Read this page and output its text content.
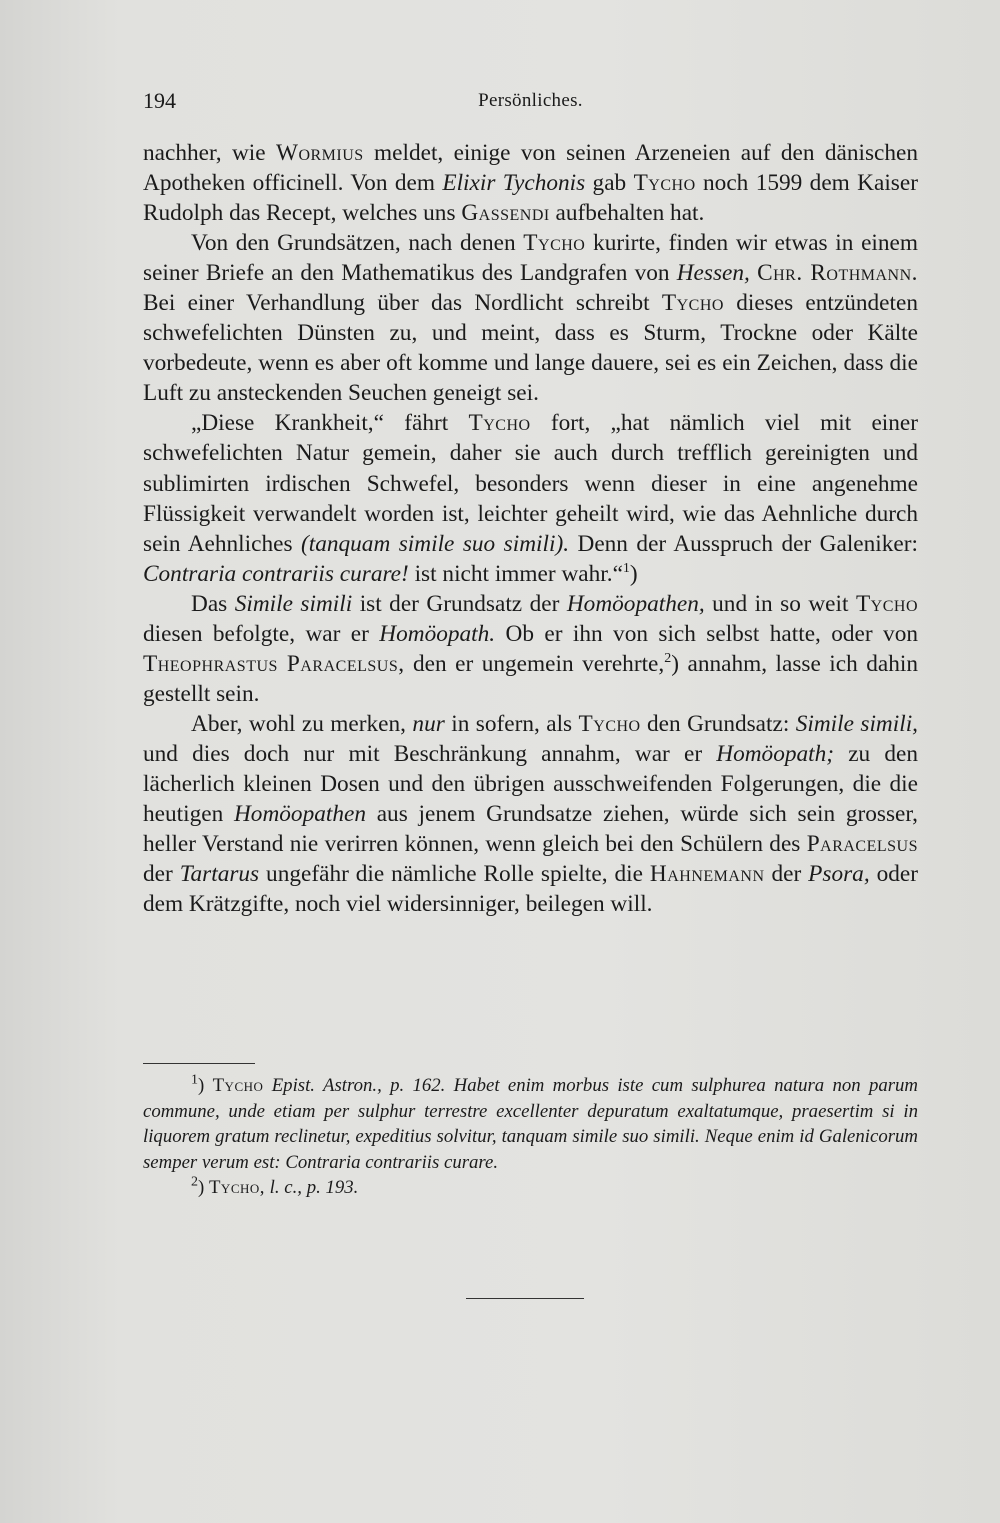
194	Persönliches.

nachher, wie Wormius meldet, einige von seinen Arzeneien auf den dänischen Apotheken officinell. Von dem Elixir Tychonis gab Tycho noch 1599 dem Kaiser Rudolph das Recept, welches uns Gassendi aufbehalten hat.

Von den Grundsätzen, nach denen Tycho kurirte, finden wir etwas in einem seiner Briefe an den Mathematikus des Landgrafen von Hessen, Chr. Rothmann. Bei einer Verhandlung über das Nordlicht schreibt Tycho dieses entzündeten schwefelichten Dünsten zu, und meint, dass es Sturm, Trockne oder Kälte vorbedeute, wenn es aber oft komme und lange dauere, sei es ein Zeichen, dass die Luft zu ansteckenden Seuchen geneigt sei.

„Diese Krankheit,“ fährt Tycho fort, „hat nämlich viel mit einer schwefelichten Natur gemein, daher sie auch durch trefflich gereinigten und sublimirten irdischen Schwefel, besonders wenn dieser in eine angenehme Flüssigkeit verwandelt worden ist, leichter geheilt wird, wie das Aehnliche durch sein Aehnliches (tanquam simile suo simili). Denn der Ausspruch der Galeniker: Contraria contrariis curare! ist nicht immer wahr.“$^1$)

Das Simile simili ist der Grundsatz der Homöopathen, und in so weit Tycho diesen befolgte, war er Homöopath. Ob er ihn von sich selbst hatte, oder von Theophrastus Paracelsus, den er ungemein verehrte,$^2$) annahm, lasse ich dahin gestellt sein.

Aber, wohl zu merken, nur in sofern, als Tycho den Grundsatz: Simile simili, und dies doch nur mit Beschränkung annahm, war er Homöopath; zu den lächerlich kleinen Dosen und den übrigen ausschweifenden Folgerungen, die die heutigen Homöopathen aus jenem Grundsatze ziehen, würde sich sein grosser, heller Verstand nie verirren können, wenn gleich bei den Schülern des Paracelsus der Tartarus ungefähr die nämliche Rolle spielte, die Hahnemann der Psora, oder dem Krätzgifte, noch viel widersinniger, beilegen will.

$^1$) Tycho Epist. Astron., p. 162. Habet enim morbus iste cum sulphurea natura non parum commune, unde etiam per sulphur terrestre excellenter depuratum exaltatumque, praesertim si in liquorem gratum reclinetur, expeditius solvitur, tanquam simile suo simili. Neque enim id Galenicorum semper verum est: Contraria contrariis curare.

$^2$) Tycho, l. c., p. 193.
